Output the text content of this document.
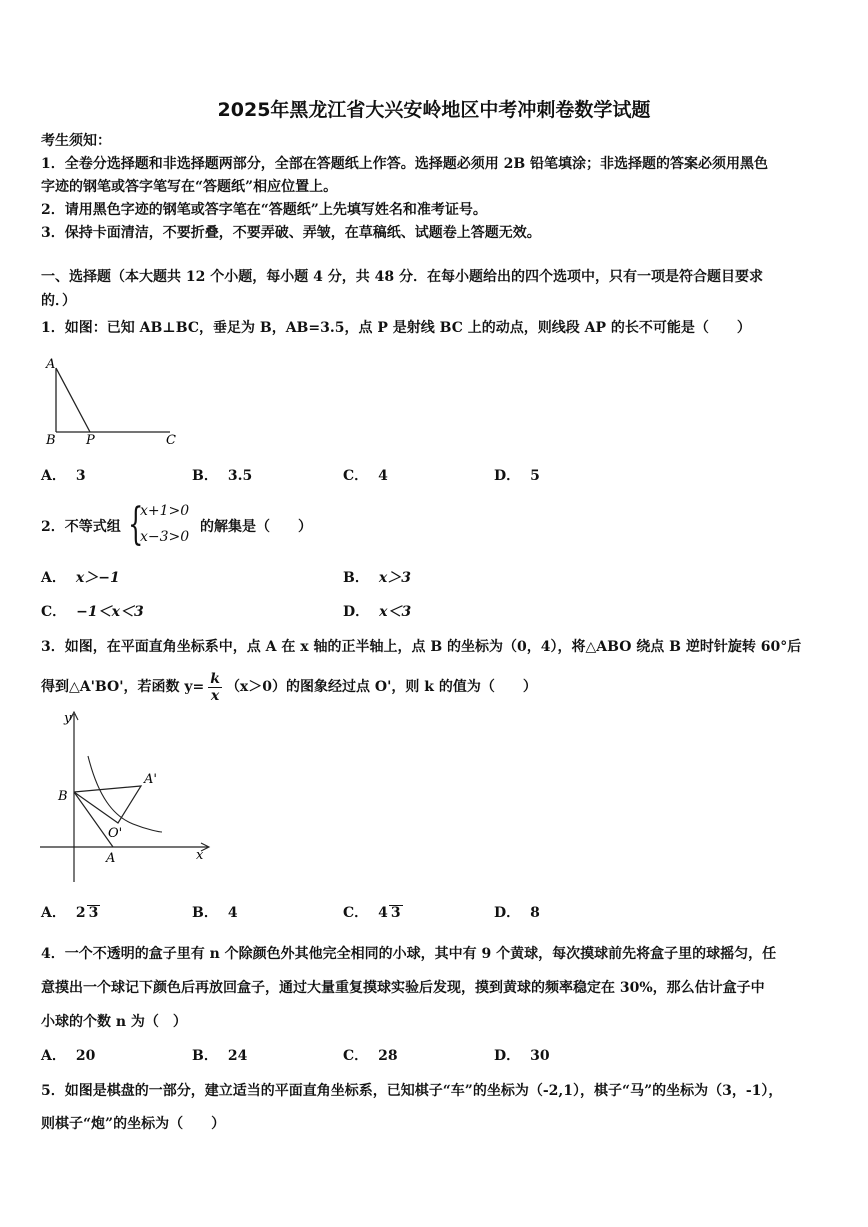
2025年黑龙江省大兴安岭地区中考冲刺卷数学试题
考生须知：
1．全卷分选择题和非选择题两部分，全部在答题纸上作答。选择题必须用 2B 铅笔填涂；非选择题的答案必须用黑色
字迹的钢笔或答字笔写在“答题纸”相应位置上。
2．请用黑色字迹的钢笔或答字笔在“答题纸”上先填写姓名和准考证号。
3．保持卡面清洁，不要折叠，不要弄破、弄皱，在草稿纸、试题卷上答题无效。
一、选择题（本大题共 12 个小题，每小题 4 分，共 48 分．在每小题给出的四个选项中，只有一项是符合题目要求
的．）
1．如图：已知 AB⊥BC，垂足为 B，AB=3.5，点 P 是射线 BC 上的动点，则线段 AP 的长不可能是（　　）
A
B P	C
A． 3	B． 3.5	C． 4	D． 5
2．不等式组 {
x+1>0
x−3>0
的解集是（　　）
A． x＞−1	B． x＞3
C． −1＜x＜3	D． x＜3
3．如图，在平面直角坐标系中，点 A 在 x 轴的正半轴上，点 B 的坐标为（0，4），将△ABO 绕点 B 逆时针旋转 60°后
得到△A'BO'，若函数 $y= \frac{k}{x} (x>0)$的图象经过点 O'，则 k 的值为（　　）
y
x
B
A'
O'
A
A． 2 3	B． 4	C． 4 3	D． 8
4．一个不透明的盒子里有 n 个除颜色外其他完全相同的小球，其中有 9 个黄球，每次摸球前先将盒子里的球摇匀，任
意摸出一个球记下颜色后再放回盒子，通过大量重复摸球实验后发现，摸到黄球的频率稳定在 30%，那么估计盒子中
小球的个数 n 为（　）
A． 20	B． 24	C． 28	D． 30
5．如图是棋盘的一部分，建立适当的平面直角坐标系，已知棋子“车”的坐标为（-2,1），棋子“马”的坐标为（3，-1），
则棋子“炮”的坐标为（　　）
